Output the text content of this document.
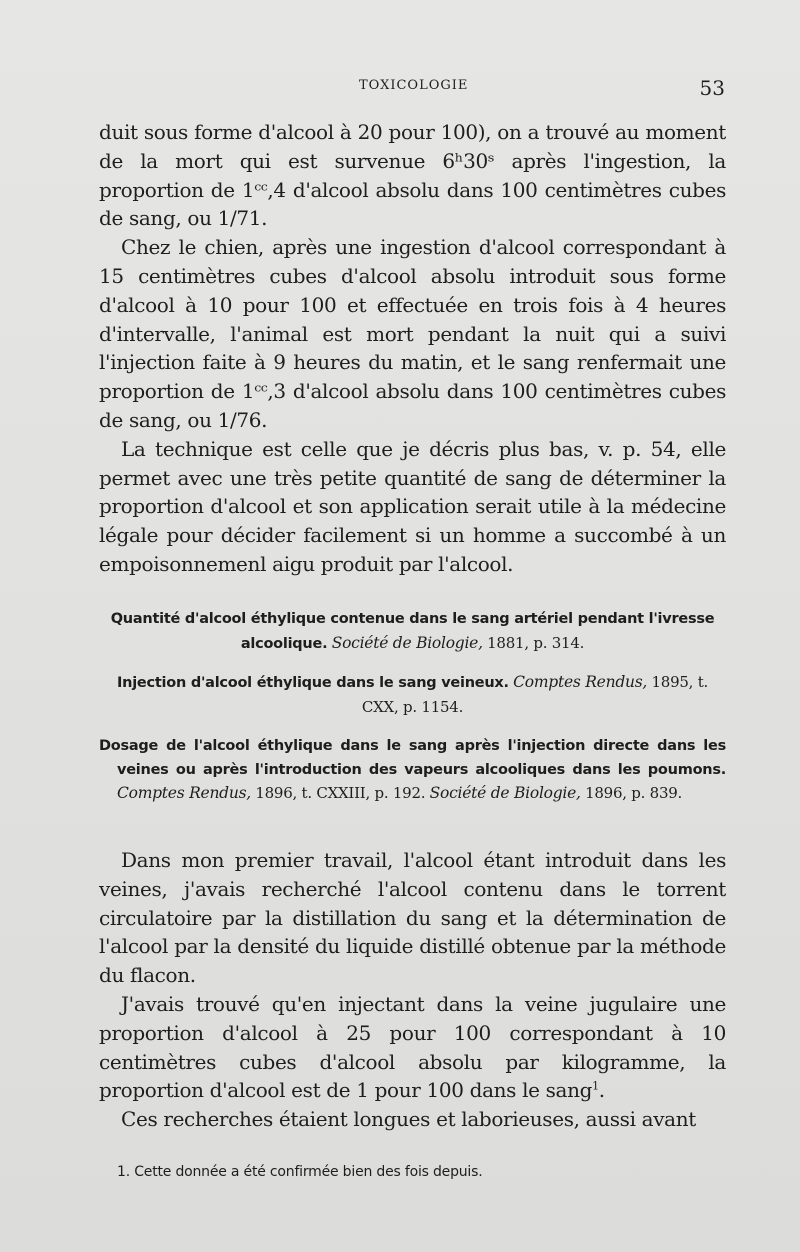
TOXICOLOGIE	53

duit sous forme d'alcool à 20 pour 100), on a trouvé au moment de la mort qui est survenue 6ʰ30ˢ après l'ingestion, la proportion de 1ᶜᶜ,4 d'alcool absolu dans 100 centimètres cubes de sang, ou 1/71.

Chez le chien, après une ingestion d'alcool correspondant à 15 centimètres cubes d'alcool absolu introduit sous forme d'alcool à 10 pour 100 et effectuée en trois fois à 4 heures d'intervalle, l'animal est mort pendant la nuit qui a suivi l'injection faite à 9 heures du matin, et le sang renfermait une proportion de 1ᶜᶜ,3 d'alcool absolu dans 100 centimètres cubes de sang, ou 1/76.

La technique est celle que je décris plus bas, v. p. 54, elle permet avec une très petite quantité de sang de déterminer la proportion d'alcool et son application serait utile à la médecine légale pour décider facilement si un homme a succombé à un empoisonnemenl aigu produit par l'alcool.

Quantité d'alcool éthylique contenue dans le sang artériel pendant l'ivresse alcoolique. Société de Biologie, 1881, p. 314.

Injection d'alcool éthylique dans le sang veineux. Comptes Rendus, 1895, t. CXX, p. 1154.

Dosage de l'alcool éthylique dans le sang après l'injection directe dans les veines ou après l'introduction des vapeurs alcooliques dans les poumons. Comptes Rendus, 1896, t. CXXIII, p. 192. Société de Biologie, 1896, p. 839.

Dans mon premier travail, l'alcool étant introduit dans les veines, j'avais recherché l'alcool contenu dans le torrent circulatoire par la distillation du sang et la détermination de l'alcool par la densité du liquide distillé obtenue par la méthode du flacon.

J'avais trouvé qu'en injectant dans la veine jugulaire une proportion d'alcool à 25 pour 100 correspondant à 10 centimètres cubes d'alcool absolu par kilogramme, la proportion d'alcool est de 1 pour 100 dans le sang$^1$.

Ces recherches étaient longues et laborieuses, aussi avant

1. Cette donnée a été confirmée bien des fois depuis.
